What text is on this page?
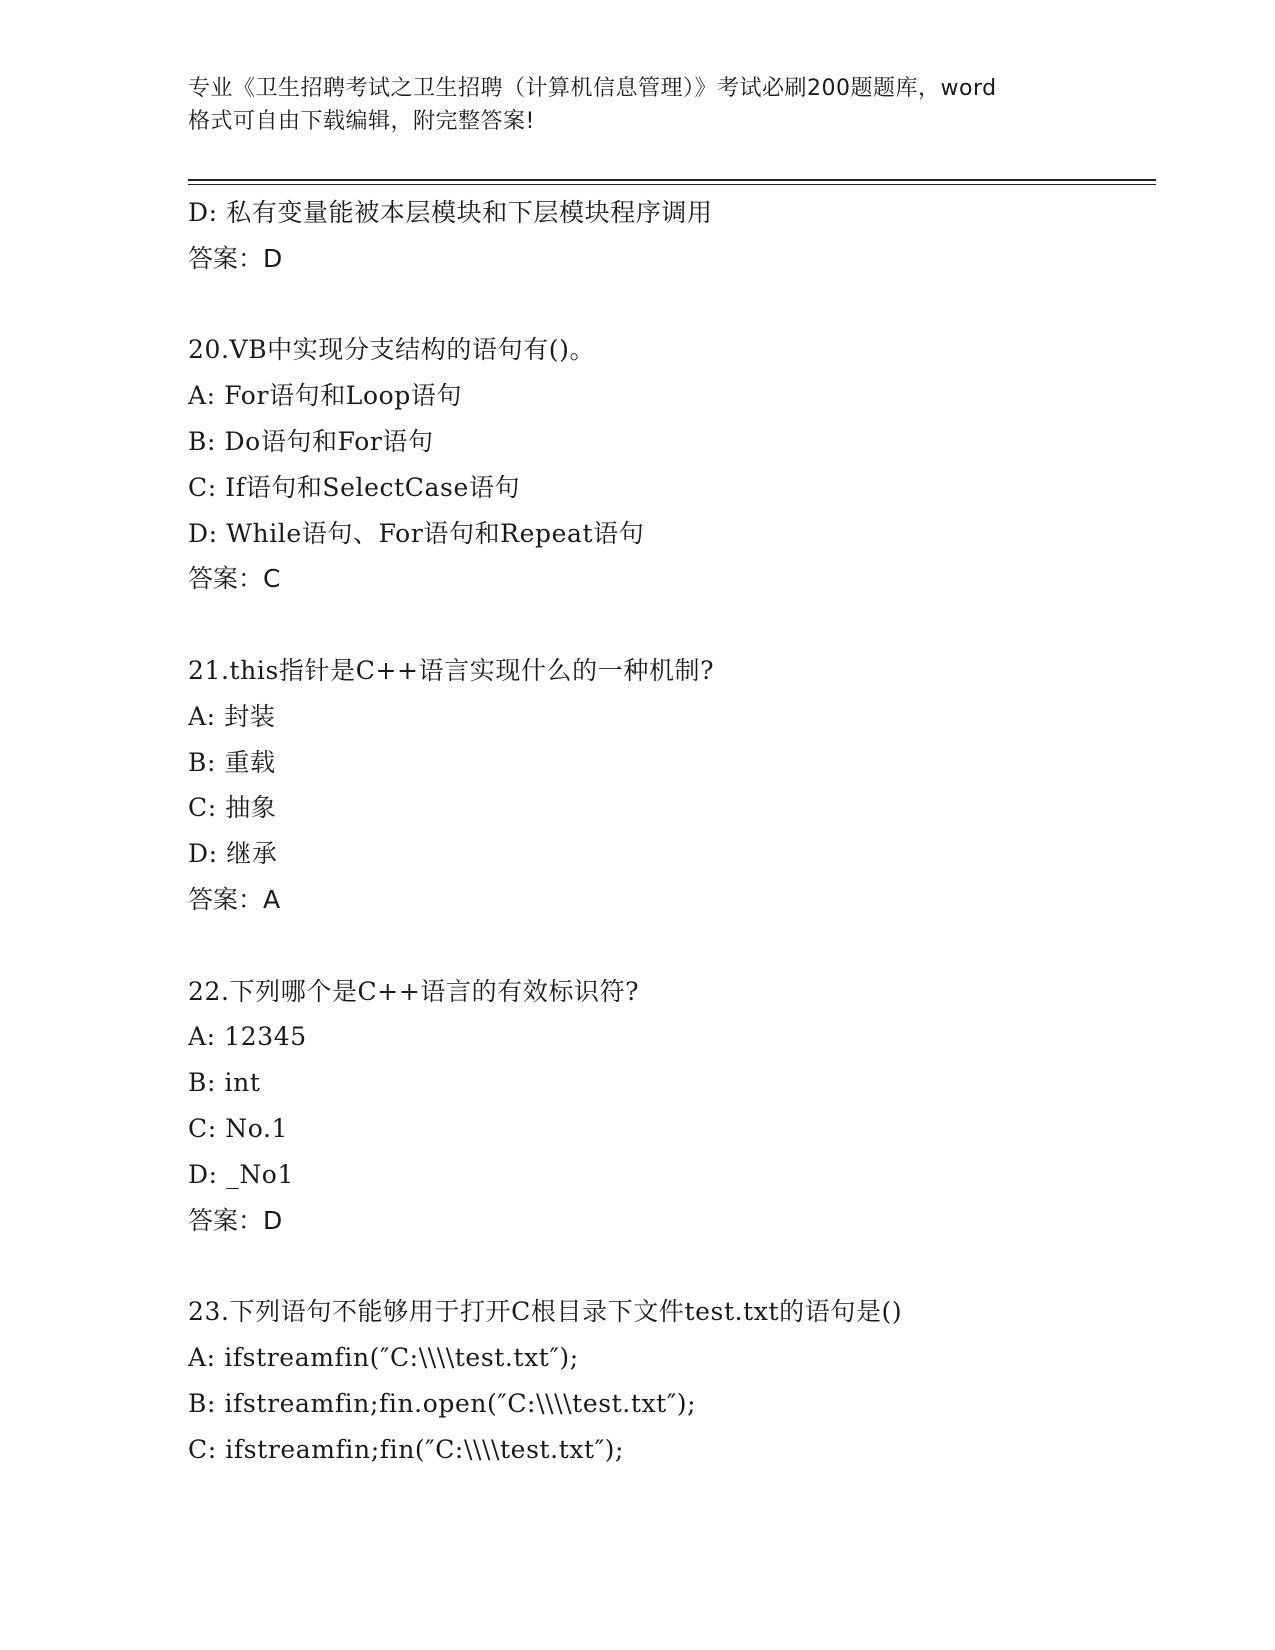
专业《卫生招聘考试之卫生招聘（计算机信息管理）》考试必刷200题题库，word
格式可自由下载编辑，附完整答案!
D: 私有变量能被本层模块和下层模块程序调用
答案：D
20.VB中实现分支结构的语句有()。
A: For语句和Loop语句
B: Do语句和For语句
C: If语句和SelectCase语句
D: While语句、For语句和Repeat语句
答案：C
21.this指针是C++语言实现什么的一种机制?
A: 封装
B: 重载
C: 抽象
D: 继承
答案：A
22.下列哪个是C++语言的有效标识符?
A: 12345
B: int
C: No.1
D: _No1
答案：D
23.下列语句不能够用于打开C根目录下文件test.txt的语句是()
A: ifstreamfin(″C:\\\\test.txt″);
B: ifstreamfin;fin.open(″C:\\\\test.txt″);
C: ifstreamfin;fin(″C:\\\\test.txt″);
